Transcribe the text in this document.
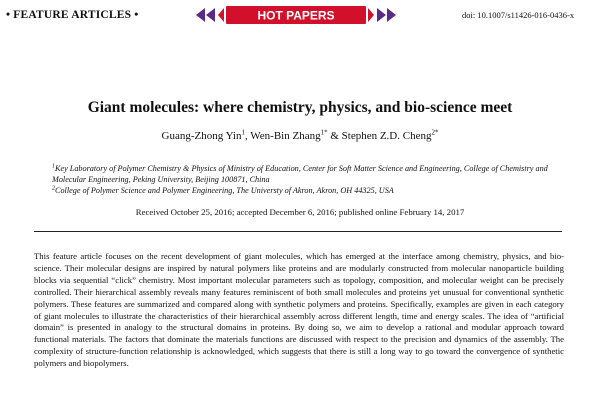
• FEATURE ARTICLES •	HOT PAPERS	doi: 10.1007/s11426-016-0436-x
Giant molecules: where chemistry, physics, and bio-science meet
Guang-Zhong Yin$^1$, Wen-Bin Zhang$^{1*}$ & Stephen Z.D. Cheng$^{2*}$
$^1$Key Laboratory of Polymer Chemistry & Physics of Ministry of Education, Center for Soft Matter Science and Engineering, College of Chemistry and Molecular Engineering, Peking University, Beijing 100871, China
$^2$College of Polymer Science and Polymer Engineering, The Universty of Akron, Akron, OH 44325, USA
Received October 25, 2016; accepted December 6, 2016; published online February 14, 2017

This feature article focuses on the recent development of giant molecules, which has emerged at the interface among chemistry, physics, and bio-science. Their molecular designs are inspired by natural polymers like proteins and are modularly constructed from molecular nanoparticle building blocks via sequential “click” chemistry. Most important molecular parameters such as topology, composition, and molecular weight can be precisely controlled. Their hierarchical assembly reveals many features reminiscent of both small molecules and proteins yet unusual for conventional synthetic polymers. These features are summarized and compared along with synthetic polymers and proteins. Specifically, examples are given in each category of giant molecules to illustrate the characteristics of their hierarchical assembly across different length, time and energy scales. The idea of “artificial domain” is presented in analogy to the structural domains in proteins. By doing so, we aim to develop a rational and modular approach toward functional materials. The factors that dominate the materials functions are discussed with respect to the precision and dynamics of the assembly. The complexity of structure-function relationship is acknowledged, which suggests that there is still a long way to go toward the convergence of synthetic polymers and biopolymers.
